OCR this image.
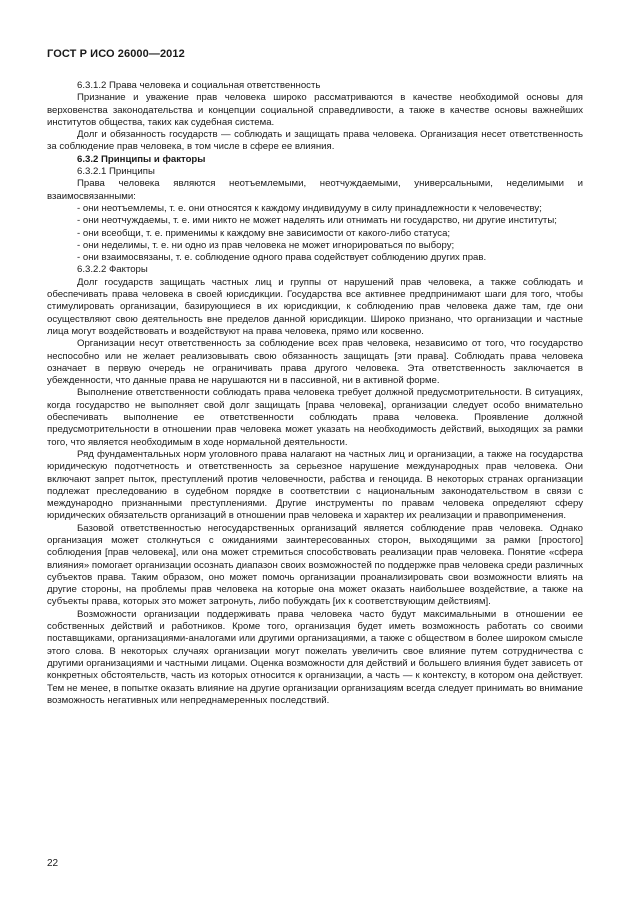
ГОСТ Р ИСО 26000—2012

6.3.1.2 Права человека и социальная ответственность

Признание и уважение прав человека широко рассматриваются в качестве необходимой основы для верховенства законодательства и концепции социальной справедливости, а также в качестве основы важнейших институтов общества, таких как судебная система.

Долг и обязанность государств — соблюдать и защищать права человека. Организация несет ответственность за соблюдение прав человека, в том числе в сфере ее влияния.

6.3.2 Принципы и факторы

6.3.2.1 Принципы

Права человека являются неотъемлемыми, неотчуждаемыми, универсальными, неделимыми и взаимосвязанными:

- они неотъемлемы, т. е. они относятся к каждому индивидууму в силу принадлежности к человечеству;

- они неотчуждаемы, т. е. ими никто не может наделять или отнимать ни государство, ни другие институты;

- они всеобщи, т. е. применимы к каждому вне зависимости от какого-либо статуса;

- они неделимы, т. е. ни одно из прав человека не может игнорироваться по выбору;

- они взаимосвязаны, т. е. соблюдение одного права содействует соблюдению других прав.

6.3.2.2 Факторы

Долг государств защищать частных лиц и группы от нарушений прав человека, а также соблюдать и обеспечивать права человека в своей юрисдикции. Государства все активнее предпринимают шаги для того, чтобы стимулировать организации, базирующиеся в их юрисдикции, к соблюдению прав человека даже там, где они осуществляют свою деятельность вне пределов данной юрисдикции. Широко признано, что организации и частные лица могут воздействовать и воздействуют на права человека, прямо или косвенно.

Организации несут ответственность за соблюдение всех прав человека, независимо от того, что государство неспособно или не желает реализовывать свою обязанность защищать [эти права]. Соблюдать права человека означает в первую очередь не ограничивать права другого человека. Эта ответственность заключается в убежденности, что данные права не нарушаются ни в пассивной, ни в активной форме.

Выполнение ответственности соблюдать права человека требует должной предусмотрительности. В ситуациях, когда государство не выполняет свой долг защищать [права человека], организации следует особо внимательно обеспечивать выполнение ее ответственности соблюдать права человека. Проявление должной предусмотрительности в отношении прав человека может указать на необходимость действий, выходящих за рамки того, что является необходимым в ходе нормальной деятельности.

Ряд фундаментальных норм уголовного права налагают на частных лиц и организации, а также на государства юридическую подотчетность и ответственность за серьезное нарушение международных прав человека. Они включают запрет пыток, преступлений против человечности, рабства и геноцида. В некоторых странах организации подлежат преследованию в судебном порядке в соответствии с национальным законодательством в связи с международно признанными преступлениями. Другие инструменты по правам человека определяют сферу юридических обязательств организаций в отношении прав человека и характер их реализации и правоприменения.

Базовой ответственностью негосударственных организаций является соблюдение прав человека. Однако организация может столкнуться с ожиданиями заинтересованных сторон, выходящими за рамки [простого] соблюдения [прав человека], или она может стремиться способствовать реализации прав человека. Понятие «сфера влияния» помогает организации осознать диапазон своих возможностей по поддержке прав человека среди различных субъектов права. Таким образом, оно может помочь организации проанализировать свои возможности влиять на другие стороны, на проблемы прав человека на которые она может оказать наибольшее воздействие, а также на субъекты права, которых это может затронуть, либо побуждать [их к соответствующим действиям].

Возможности организации поддерживать права человека часто будут максимальными в отношении ее собственных действий и работников. Кроме того, организация будет иметь возможность работать со своими поставщиками, организациями-аналогами или другими организациями, а также с обществом в более широком смысле этого слова. В некоторых случаях организации могут пожелать увеличить свое влияние путем сотрудничества с другими организациями и частными лицами. Оценка возможности для действий и большего влияния будет зависеть от конкретных обстоятельств, часть из которых относится к организации, а часть — к контексту, в котором она действует. Тем не менее, в попытке оказать влияние на другие организации организациям всегда следует принимать во внимание возможность негативных или непреднамеренных последствий.

22
